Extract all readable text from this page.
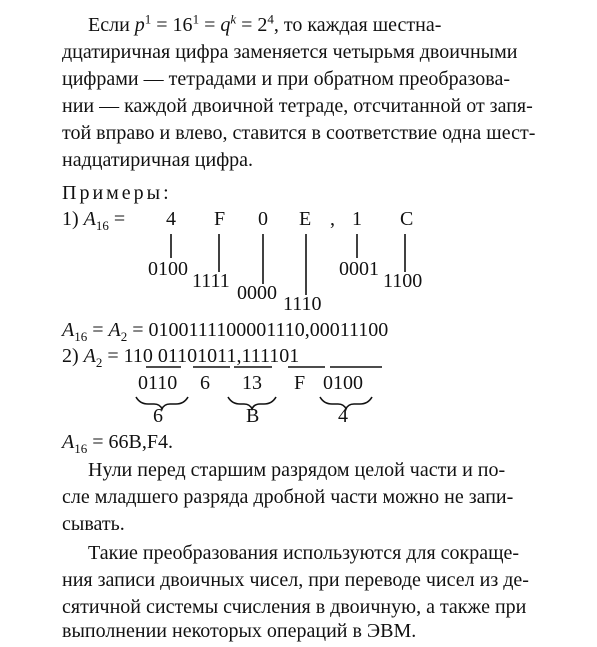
Если $p^1 = 16^1 = q^k = 2^4$, то каждая шестна-
дцатиричная цифра заменяется четырьмя двоичными
цифрами — тетрадами и при обратном преобразова-
нии — каждой двоичной тетраде, отсчитанной от запя-
той вправо и влево, ставится в соответствие одна шест-
надцатиричная цифра.
Примеры:
1) $A_{16} = 4$ F 0 E , 1 C
0100
1111
0000 1110
0001
1100
$A_{16} = A_2 = 0100111100001110,00011100$
2) $A_2 = 110$ 01101011,111101
0110 6 13 F 0100
6	B	4
$A_{16} = 66B,F4$.
Нули перед старшим разрядом целой части и по-
сле младшего разряда дробной части можно не запи-
сывать.
Такие преобразования используются для сокраще-
ния записи двоичных чисел, при переводе чисел из де-
сятичной системы счисления в двоичную, а также при
выполнении некоторых операций в ЭВМ.
